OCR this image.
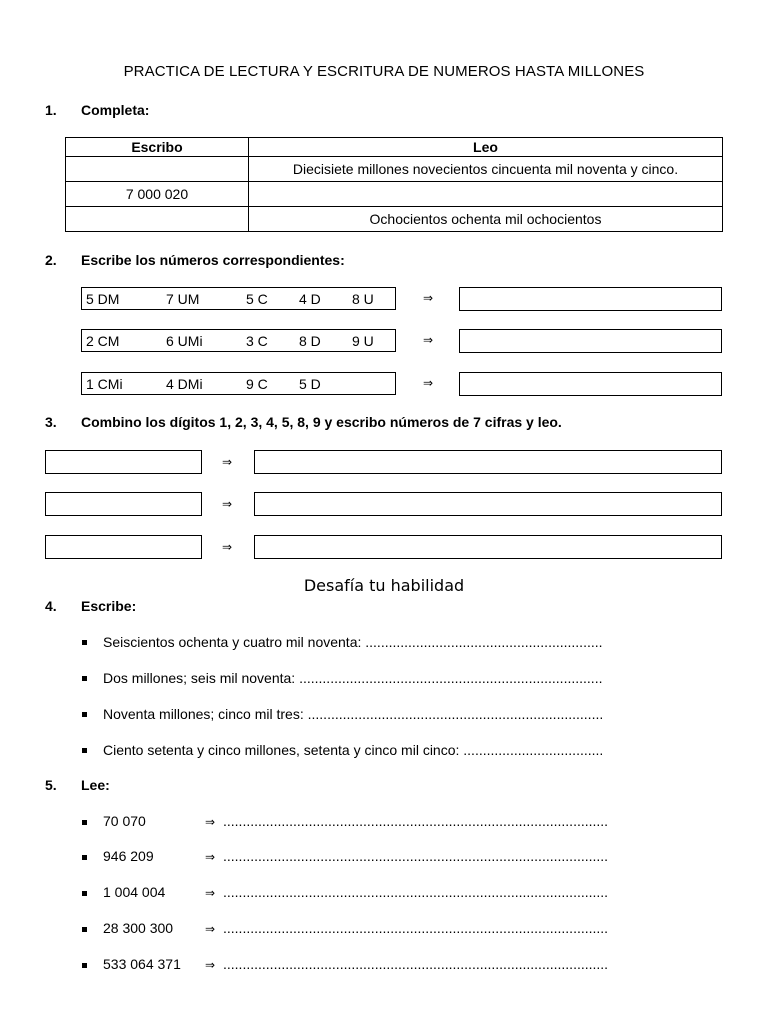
PRACTICA DE LECTURA Y ESCRITURA DE NUMEROS HASTA MILLONES
1. Completa:
Escribo	Leo
	Diecisiete millones novecientos cincuenta mil noventa y cinco.
7 000 020	
	Ochocientos ochenta mil ochocientos
2. Escribe los números correspondientes:
5 DM	7 UM	5 C 4 D 8 U	⇒
2 CM	6 UMi	3 C 8 D 9 U	⇒
1 CMi	4 DMi	9 C 5 D	⇒
3. Combino los dígitos 1, 2, 3, 4, 5, 8, 9 y escribo números de 7 cifras y leo.
⇒
⇒
⇒
Desafía tu habilidad
4. Escribe:
Seiscientos ochenta y cuatro mil noventa: .............................................................
Dos millones; seis mil noventa: ..............................................................................
Noventa millones; cinco mil tres: ............................................................................
Ciento setenta y cinco millones, setenta y cinco mil cinco: ....................................
5. Lee:
70 070	⇒ ...................................................................................................
946 209	⇒ ...................................................................................................
1 004 004	⇒ ...................................................................................................
28 300 300	⇒ ...................................................................................................
533 064 371 ⇒ ...................................................................................................
